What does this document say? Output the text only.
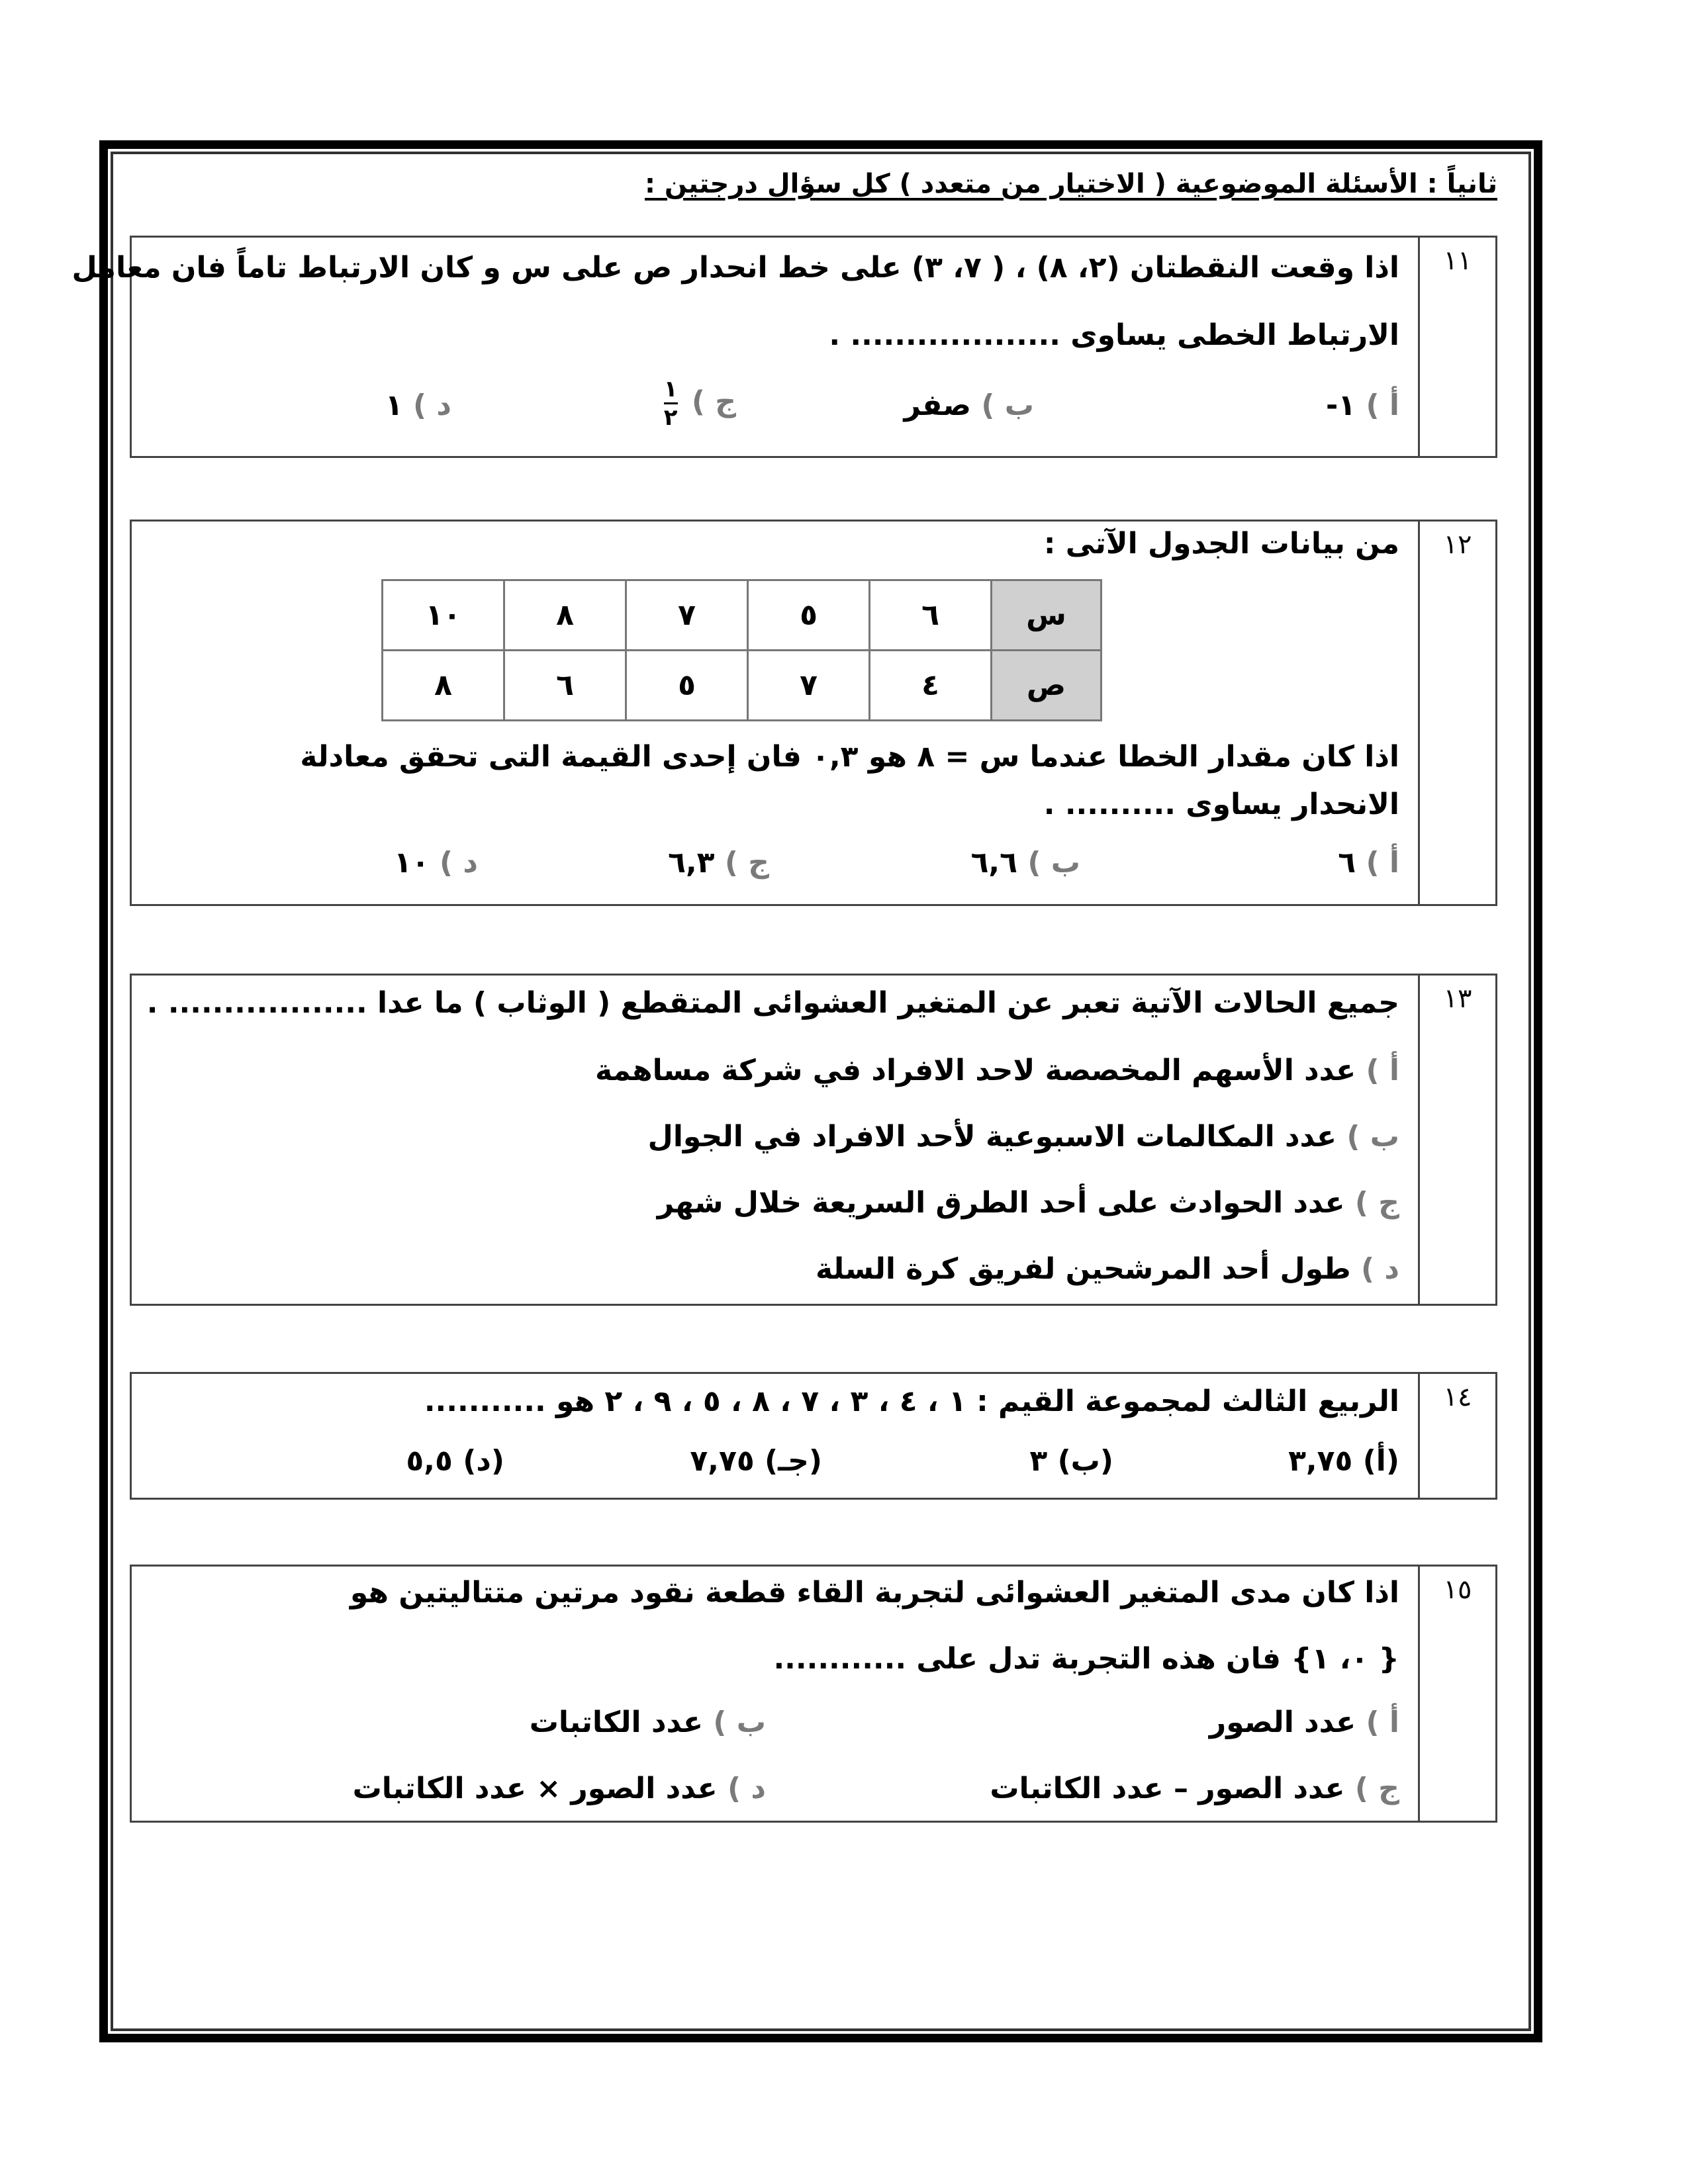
ثانياً : الأسئلة الموضوعية ( الاختيار من متعدد ) كل سؤال درجتين :
١١
اذا وقعت النقطتان (٢، ٨) ، ( ٧، ٣) على خط انحدار ص على س و كان الارتباط تاماً فان معامل
الارتباط الخطى يساوى ................... .
أ ) ١-
ب ) صفر
ج )
$\frac{١}{٢}$
د ) ١
١٢
من بيانات الجدول الآتى :
س	٦	٥	٧	٨	١٠
ص	٤	٧	٥	٦	٨
اذا كان مقدار الخطا عندما س = ٨ هو ٠,٣ فان إحدى القيمة التى تحقق معادلة
الانحدار يساوى .......... .
أ ) ٦
ب ) ٦,٦
ج ) ٦,٣
د ) ١٠
١٣
جميع الحالات الآتية تعبر عن المتغير العشوائى المتقطع ( الوثاب ) ما عدا .................. .
أ ) عدد الأسهم المخصصة لاحد الافراد في شركة مساهمة
ب ) عدد المكالمات الاسبوعية لأحد الافراد في الجوال
ج ) عدد الحوادث على أحد الطرق السريعة خلال شهر
د ) طول أحد المرشحين لفريق كرة السلة
١٤
الربيع الثالث لمجموعة القيم : ١ ، ٤ ، ٣ ، ٧ ، ٨ ، ٥ ، ٩ ، ٢ هو ...........
(أ) ٣,٧٥
(ب) ٣
(جـ) ٧,٧٥
(د) ٥,٥
١٥
اذا كان مدى المتغير العشوائى لتجربة القاء قطعة نقود مرتين متتاليتين هو
{ ٠، ١} فان هذه التجربة تدل على ............
أ ) عدد الصور
ب ) عدد الكاتبات
ج ) عدد الصور – عدد الكاتبات
د ) عدد الصور × عدد الكاتبات
